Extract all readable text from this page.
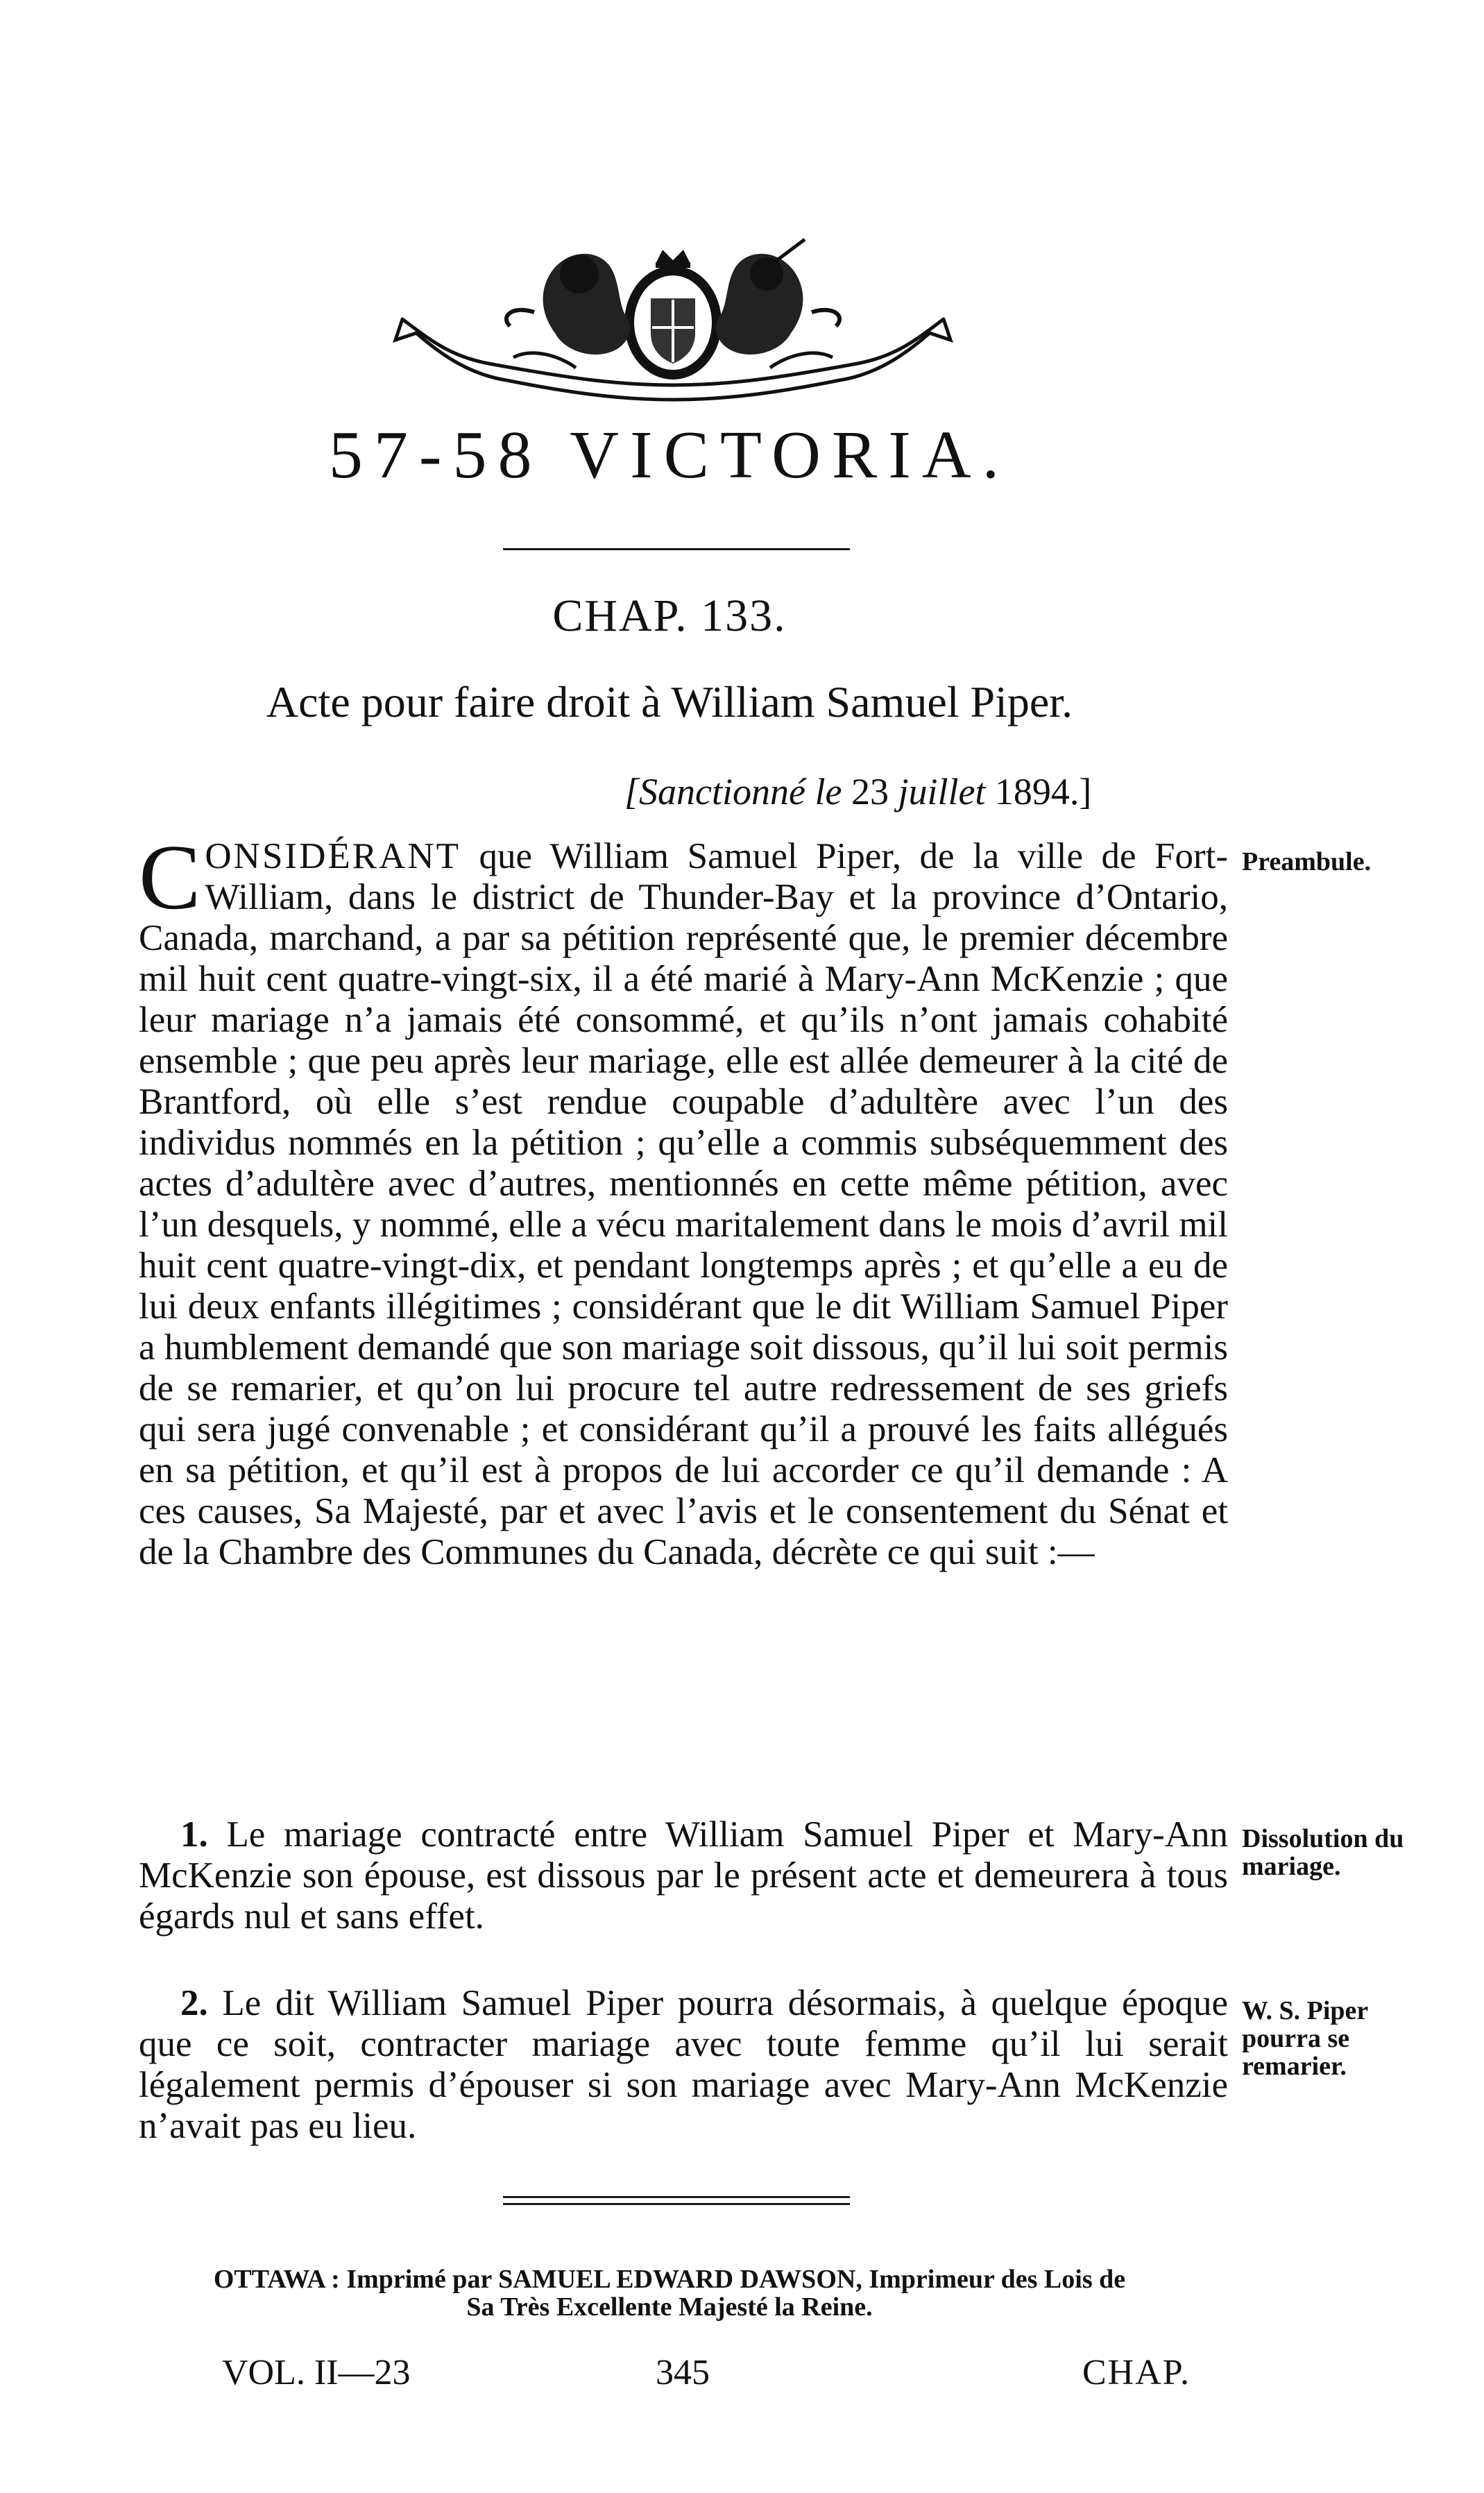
57-58 VICTORIA.
CHAP. 133.
Acte pour faire droit à William Samuel Piper.
[Sanctionné le 23 juillet 1894.]
CONSIDÉRANT que William Samuel Piper, de la ville de Fort-William, dans le district de Thunder-Bay et la province d’Ontario, Canada, marchand, a par sa pétition représenté que, le premier décembre mil huit cent quatre-vingt-six, il a été marié à Mary-Ann McKenzie ; que leur mariage n’a jamais été consommé, et qu’ils n’ont jamais cohabité ensemble ; que peu après leur mariage, elle est allée demeurer à la cité de Brantford, où elle s’est rendue coupable d’adultère avec l’un des individus nommés en la pétition ; qu’elle a commis subséquemment des actes d’adultère avec d’autres, mentionnés en cette même pétition, avec l’un desquels, y nommé, elle a vécu maritalement dans le mois d’avril mil huit cent quatre-vingt-dix, et pendant longtemps après ; et qu’elle a eu de lui deux enfants illégitimes ; considérant que le dit William Samuel Piper a humblement demandé que son mariage soit dissous, qu’il lui soit permis de se remarier, et qu’on lui procure tel autre redressement de ses griefs qui sera jugé convenable ; et considérant qu’il a prouvé les faits allégués en sa pétition, et qu’il est à propos de lui accorder ce qu’il demande : A ces causes, Sa Majesté, par et avec l’avis et le consentement du Sénat et de la Chambre des Communes du Canada, décrète ce qui suit :—
Preambule.
1. Le mariage contracté entre William Samuel Piper et Mary-Ann McKenzie son épouse, est dissous par le présent acte et demeurera à tous égards nul et sans effet.
Dissolution du
mariage.
2. Le dit William Samuel Piper pourra désormais, à quelque époque que ce soit, contracter mariage avec toute femme qu’il lui serait légalement permis d’épouser si son mariage avec Mary-Ann McKenzie n’avait pas eu lieu.
W. S. Piper
pourra se
remarier.
OTTAWA : Imprimé par SAMUEL EDWARD DAWSON, Imprimeur des Lois de
Sa Très Excellente Majesté la Reine.
VOL. II—23	345	CHAP.
